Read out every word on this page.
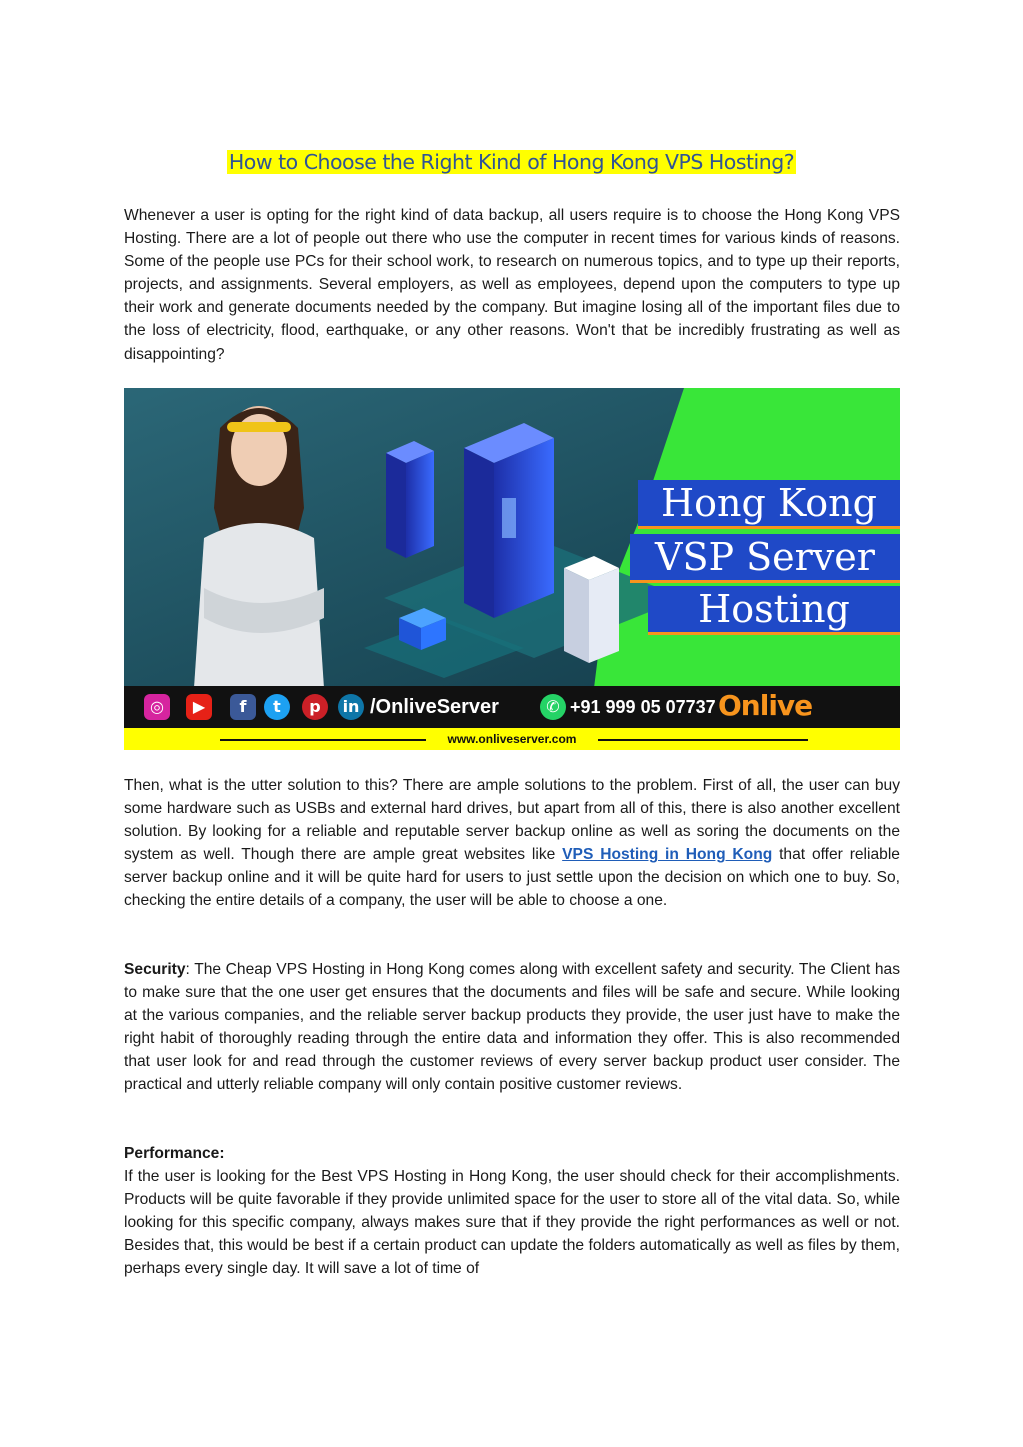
How to Choose the Right Kind of Hong Kong VPS Hosting?

Whenever a user is opting for the right kind of data backup, all users require is to choose the Hong Kong VPS Hosting. There are a lot of people out there who use the computer in recent times for various kinds of reasons. Some of the people use PCs for their school work, to research on numerous topics, and to type up their reports, projects, and assignments. Several employers, as well as employees, depend upon the computers to type up their work and generate documents needed by the company. But imagine losing all of the important files due to the loss of electricity, flood, earthquake, or any other reasons. Won't that be incredibly frustrating as well as disappointing?

Hong Kong
VSP Server
Hosting
◎	▶	f	t	p	in /OnliveServer	✆ +91 999 05 07737 Onlive
www.onliveserver.com

Then, what is the utter solution to this? There are ample solutions to the problem. First of all, the user can buy some hardware such as USBs and external hard drives, but apart from all of this, there is also another excellent solution. By looking for a reliable and reputable server backup online as well as soring the documents on the system as well. Though there are ample great websites like VPS Hosting in Hong Kong that offer reliable server backup online and it will be quite hard for users to just settle upon the decision on which one to buy. So, checking the entire details of a company, the user will be able to choose a one.

Security: The Cheap VPS Hosting in Hong Kong comes along with excellent safety and security. The Client has to make sure that the one user get ensures that the documents and files will be safe and secure. While looking at the various companies, and the reliable server backup products they provide, the user just have to make the right habit of thoroughly reading through the entire data and information they offer. This is also recommended that user look for and read through the customer reviews of every server backup product user consider. The practical and utterly reliable company will only contain positive customer reviews.

Performance:

If the user is looking for the Best VPS Hosting in Hong Kong, the user should check for their accomplishments. Products will be quite favorable if they provide unlimited space for the user to store all of the vital data. So, while looking for this specific company, always makes sure that if they provide the right performances as well or not. Besides that, this would be best if a certain product can update the folders automatically as well as files by them, perhaps every single day. It will save a lot of time of
